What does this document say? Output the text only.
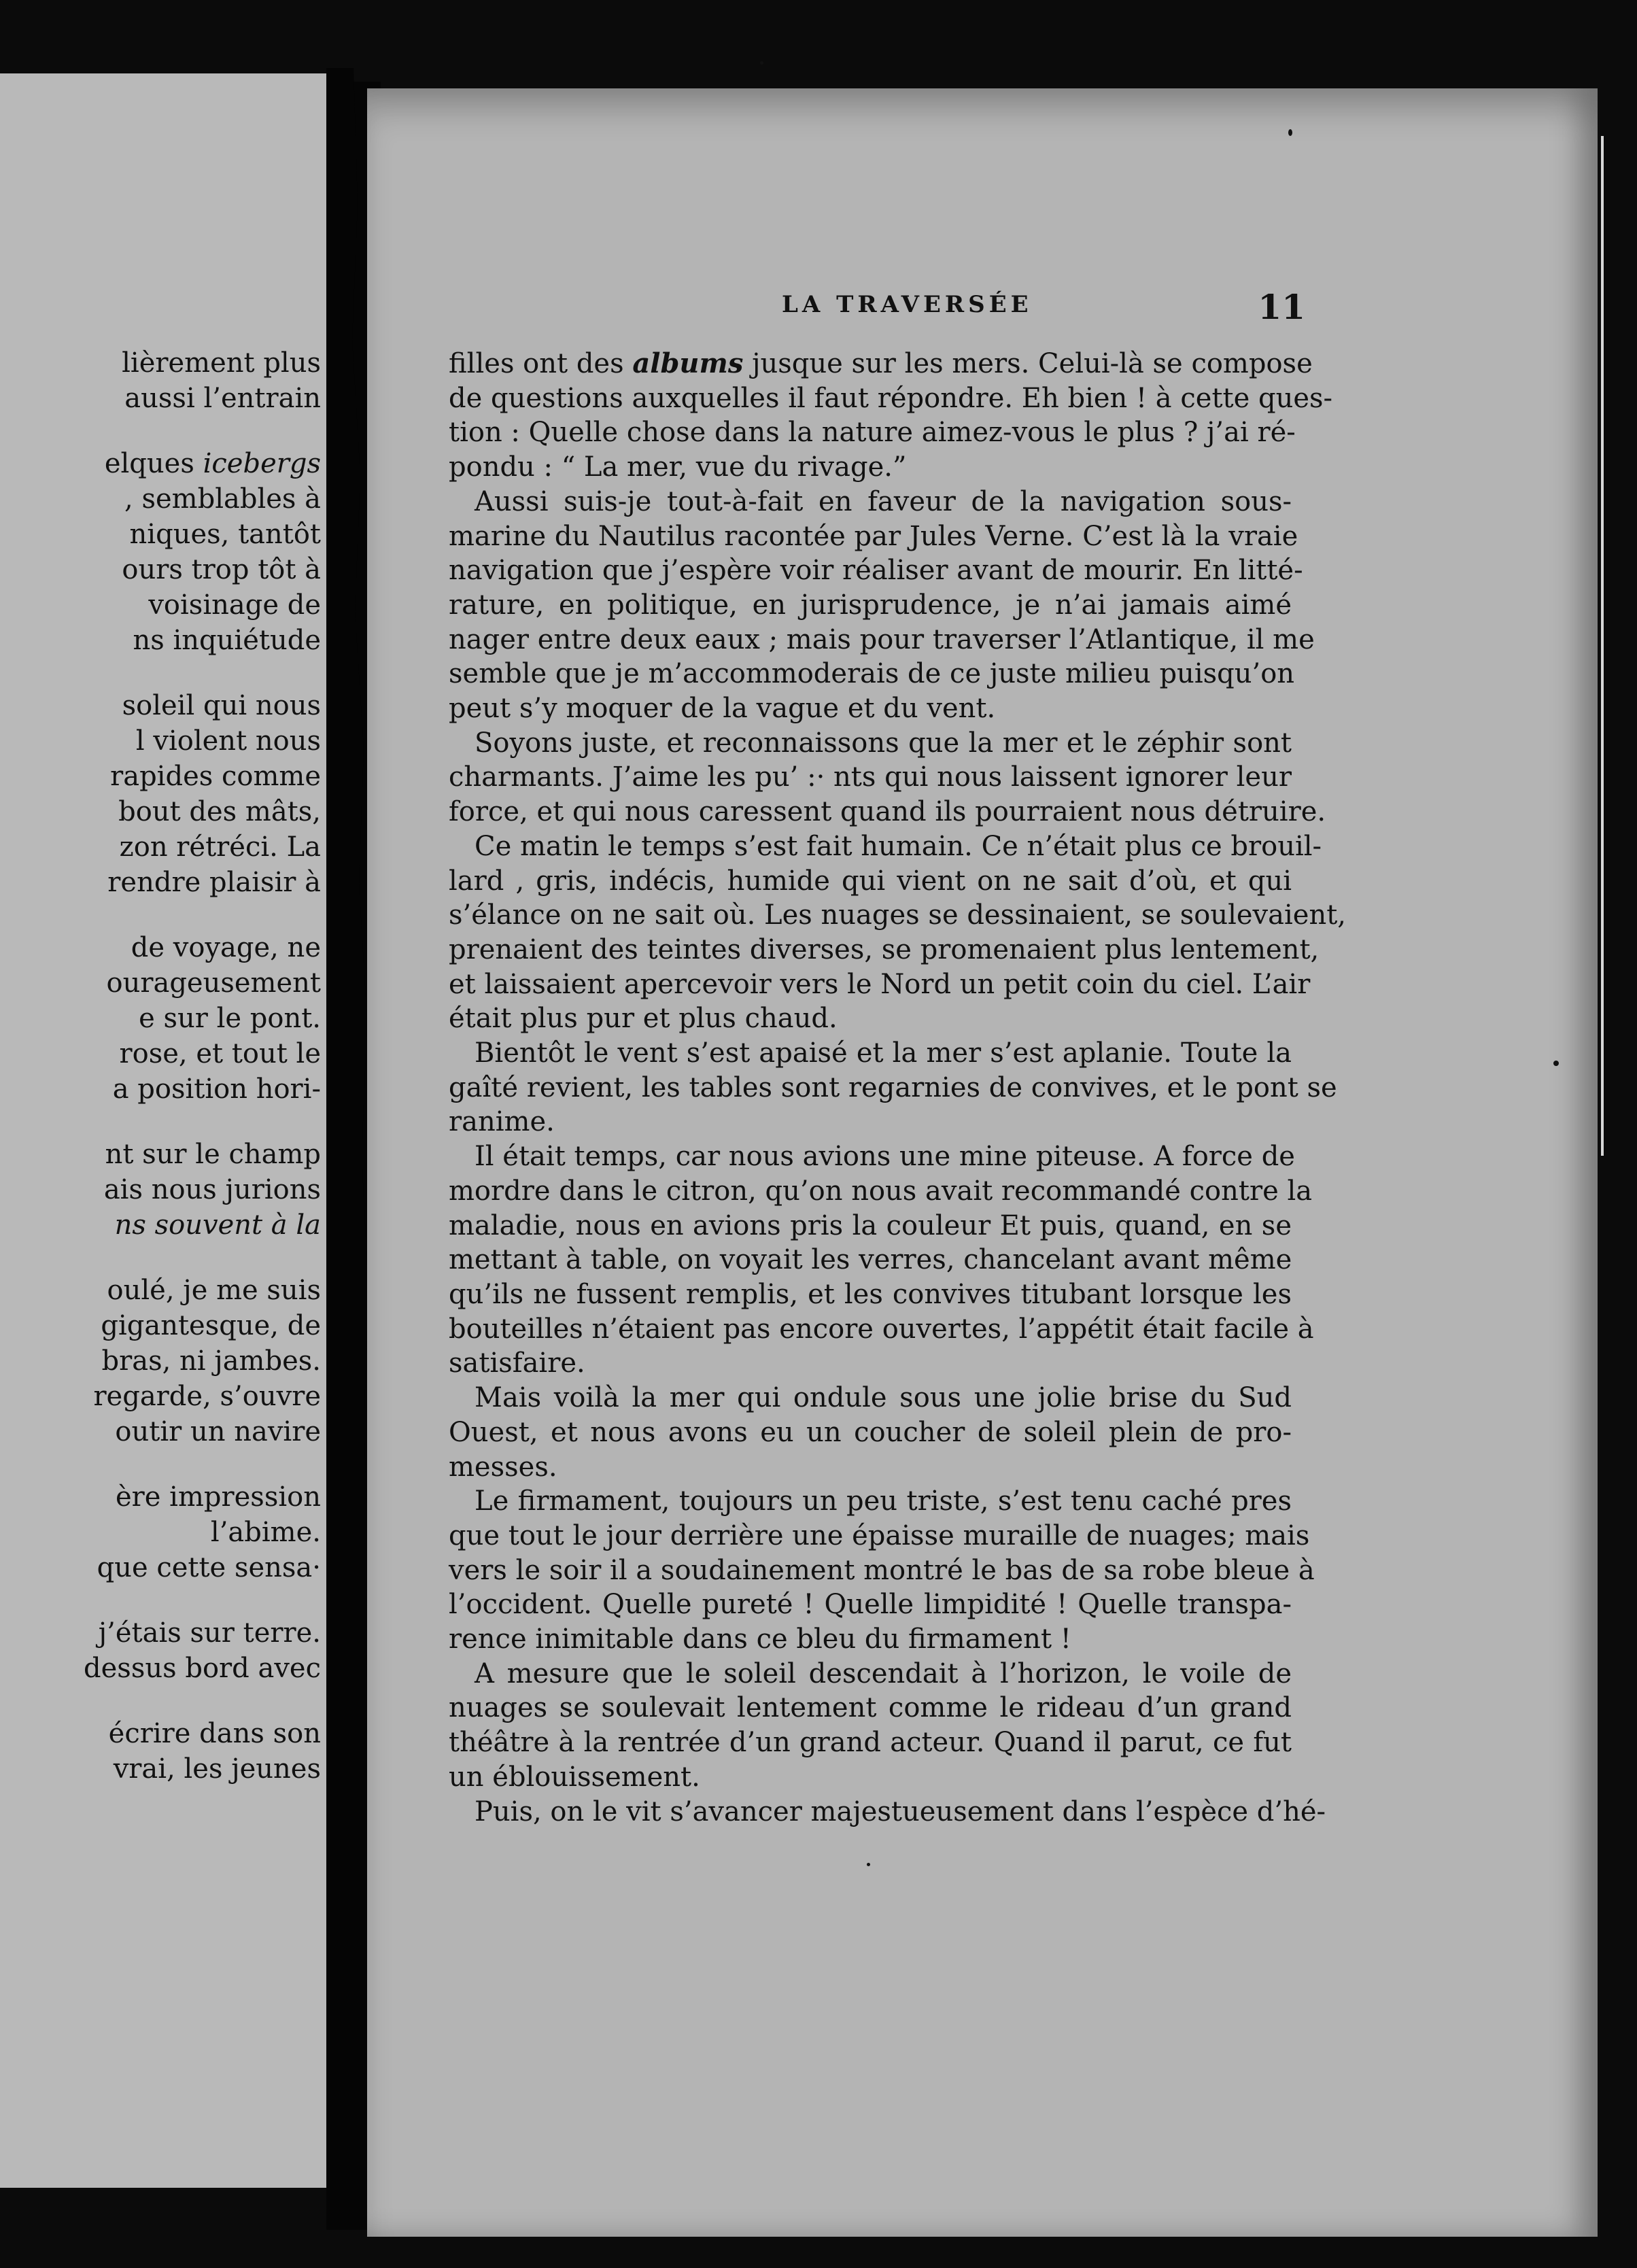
lièrement plus
aussi l’entrain
elques icebergs
, semblables à
niques, tantôt
ours trop tôt à
voisinage de
ns inquiétude
soleil qui nous
l violent nous
rapides comme
bout des mâts,
zon rétréci. La
rendre plaisir à
de voyage, ne
ourageusement
e sur le pont.
rose, et tout le
a position hori-
nt sur le champ
ais nous jurions
ns souvent à la
oulé, je me suis
gigantesque, de
bras, ni jambes.
regarde, s’ouvre
outir un navire
ère impression
l’abime.
que cette sensa·
j’étais sur terre.
dessus bord avec
écrire dans son
vrai, les jeunes
LA TRAVERSÉE	11
filles ont des albums jusque sur les mers. Celui-là se compose
de questions auxquelles il faut répondre. Eh bien ! à cette ques-
tion : Quelle chose dans la nature aimez-vous le plus ? j’ai ré-
pondu : “ La mer, vue du rivage.”
Aussi suis-je tout-à-fait en faveur de la navigation sous-
marine du Nautilus racontée par Jules Verne. C’est là la vraie
navigation que j’espère voir réaliser avant de mourir. En litté-
rature, en politique, en jurisprudence, je n’ai jamais aimé
nager entre deux eaux ; mais pour traverser l’Atlantique, il me
semble que je m’accommoderais de ce juste milieu puisqu’on
peut s’y moquer de la vague et du vent.
Soyons juste, et reconnaissons que la mer et le zéphir sont
charmants. J’aime les pu’ :· nts qui nous laissent ignorer leur
force, et qui nous caressent quand ils pourraient nous détruire.
Ce matin le temps s’est fait humain. Ce n’était plus ce brouil-
lard , gris, indécis, humide qui vient on ne sait d’où, et qui
s’élance on ne sait où. Les nuages se dessinaient, se soulevaient,
prenaient des teintes diverses, se promenaient plus lentement,
et laissaient apercevoir vers le Nord un petit coin du ciel. L’air
était plus pur et plus chaud.
Bientôt le vent s’est apaisé et la mer s’est aplanie. Toute la
gaîté revient, les tables sont regarnies de convives, et le pont se
ranime.
Il était temps, car nous avions une mine piteuse. A force de
mordre dans le citron, qu’on nous avait recommandé contre la
maladie, nous en avions pris la couleur Et puis, quand, en se
mettant à table, on voyait les verres, chancelant avant même
qu’ils ne fussent remplis, et les convives titubant lorsque les
bouteilles n’étaient pas encore ouvertes, l’appétit était facile à
satisfaire.
Mais voilà la mer qui ondule sous une jolie brise du Sud
Ouest, et nous avons eu un coucher de soleil plein de pro-
messes.
Le firmament, toujours un peu triste, s’est tenu caché pres
que tout le jour derrière une épaisse muraille de nuages; mais
vers le soir il a soudainement montré le bas de sa robe bleue à
l’occident. Quelle pureté ! Quelle limpidité ! Quelle transpa-
rence inimitable dans ce bleu du firmament !
A mesure que le soleil descendait à l’horizon, le voile de
nuages se soulevait lentement comme le rideau d’un grand
théâtre à la rentrée d’un grand acteur. Quand il parut, ce fut
un éblouissement.
Puis, on le vit s’avancer majestueusement dans l’espèce d’hé-
